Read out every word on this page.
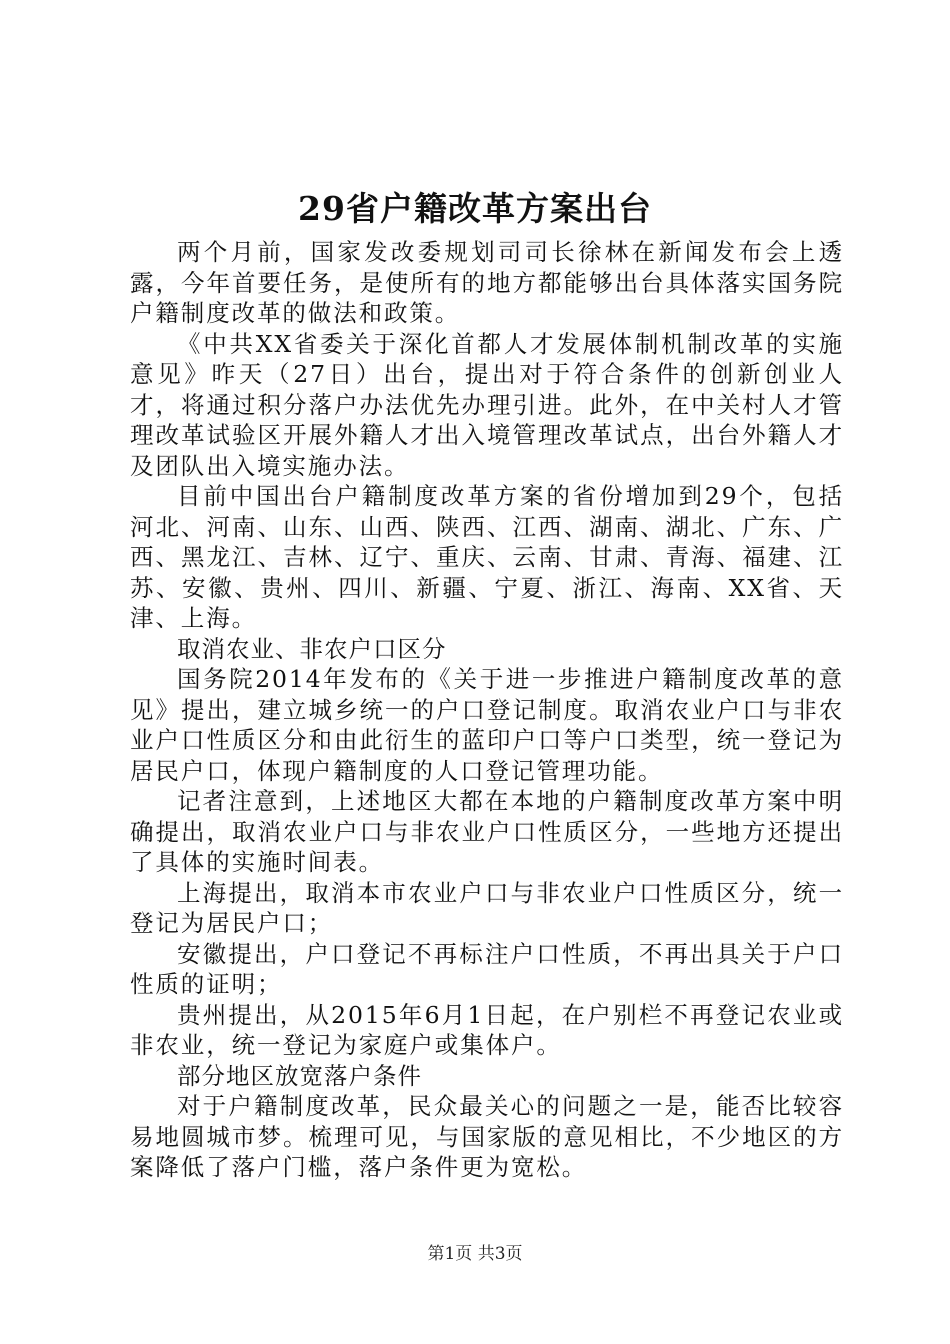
29省户籍改革方案出台

两个月前，国家发改委规划司司长徐林在新闻发布会上透露，今年首要任务，是使所有的地方都能够出台具体落实国务院户籍制度改革的做法和政策。

《中共XX省委关于深化首都人才发展体制机制改革的实施意见》昨天（27日）出台，提出对于符合条件的创新创业人才，将通过积分落户办法优先办理引进。此外，在中关村人才管理改革试验区开展外籍人才出入境管理改革试点，出台外籍人才及团队出入境实施办法。

目前中国出台户籍制度改革方案的省份增加到29个，包括河北、河南、山东、山西、陕西、江西、湖南、湖北、广东、广西、黑龙江、吉林、辽宁、重庆、云南、甘肃、青海、福建、江苏、安徽、贵州、四川、新疆、宁夏、浙江、海南、XX省、天津、上海。

取消农业、非农户口区分

国务院2014年发布的《关于进一步推进户籍制度改革的意见》提出，建立城乡统一的户口登记制度。取消农业户口与非农业户口性质区分和由此衍生的蓝印户口等户口类型，统一登记为居民户口，体现户籍制度的人口登记管理功能。

记者注意到，上述地区大都在本地的户籍制度改革方案中明确提出，取消农业户口与非农业户口性质区分，一些地方还提出了具体的实施时间表。

上海提出，取消本市农业户口与非农业户口性质区分，统一登记为居民户口；

安徽提出，户口登记不再标注户口性质，不再出具关于户口性质的证明；

贵州提出，从2015年6月1日起，在户别栏不再登记农业或非农业，统一登记为家庭户或集体户。

部分地区放宽落户条件

对于户籍制度改革，民众最关心的问题之一是，能否比较容易地圆城市梦。梳理可见，与国家版的意见相比，不少地区的方案降低了落户门槛，落户条件更为宽松。

第1页 共3页
